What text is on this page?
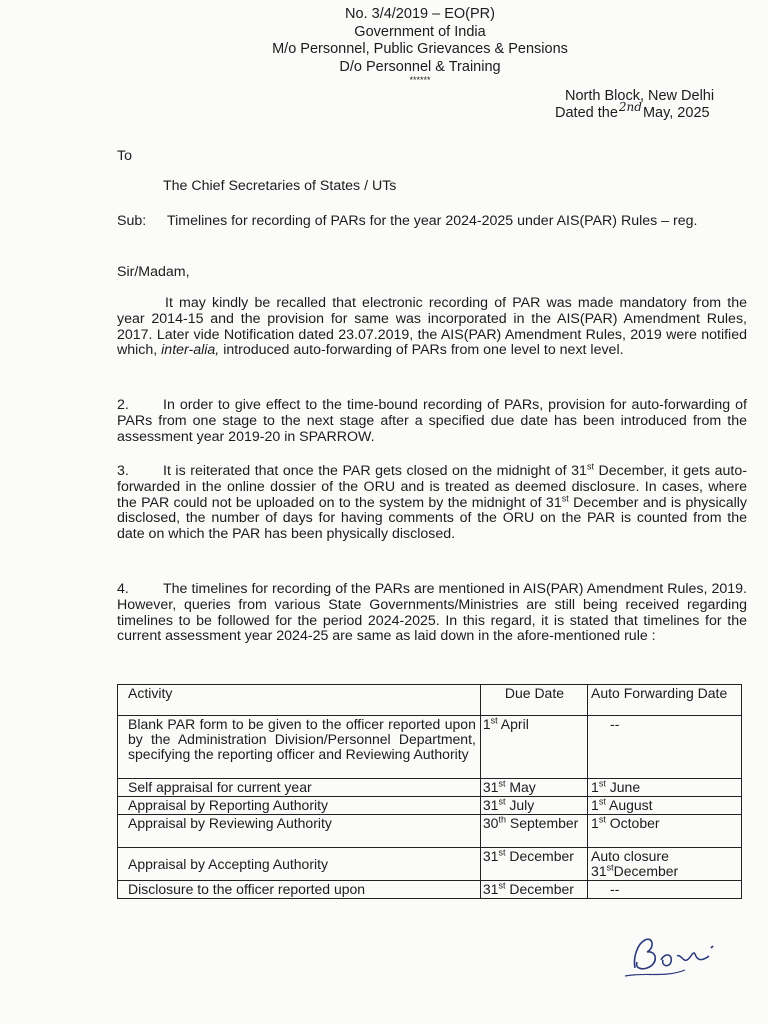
No. 3/4/2019 – EO(PR)
Government of India
M/o Personnel, Public Grievances & Pensions
D/o Personnel & Training
******
North Block, New Delhi
Dated the$^{2nd}$May, 2025
To
The Chief Secretaries of States / UTs
Sub: Timelines for recording of PARs for the year 2024-2025 under AIS(PAR) Rules – reg.
Sir/Madam,

It may kindly be recalled that electronic recording of PAR was made mandatory from the year 2014-15 and the provision for same was incorporated in the AIS(PAR) Amendment Rules, 2017. Later vide Notification dated 23.07.2019, the AIS(PAR) Amendment Rules, 2019 were notified which, inter-alia, introduced auto-forwarding of PARs from one level to next level.

2. In order to give effect to the time-bound recording of PARs, provision for auto-forwarding of PARs from one stage to the next stage after a specified due date has been introduced from the assessment year 2019-20 in SPARROW.

3. It is reiterated that once the PAR gets closed on the midnight of 31st December, it gets auto-forwarded in the online dossier of the ORU and is treated as deemed disclosure. In cases, where the PAR could not be uploaded on to the system by the midnight of 31st December and is physically disclosed, the number of days for having comments of the ORU on the PAR is counted from the date on which the PAR has been physically disclosed.

4. The timelines for recording of the PARs are mentioned in AIS(PAR) Amendment Rules, 2019. However, queries from various State Governments/Ministries are still being received regarding timelines to be followed for the period 2024-2025. In this regard, it is stated that timelines for the current assessment year 2024-25 are same as laid down in the afore-mentioned rule :

Activity	Due Date	Auto Forwarding Date
Blank PAR form to be given to the officer reported upon by the Administration Division/Personnel Department, specifying the reporting officer and Reviewing Authority	1st April	--
Self appraisal for current year	31st May	1st June
Appraisal by Reporting Authority	31st July	1st August
Appraisal by Reviewing Authority	30th September	1st October
Appraisal by Accepting Authority	31st December	Auto closure 31stDecember
Disclosure to the officer reported upon	31st December	--
